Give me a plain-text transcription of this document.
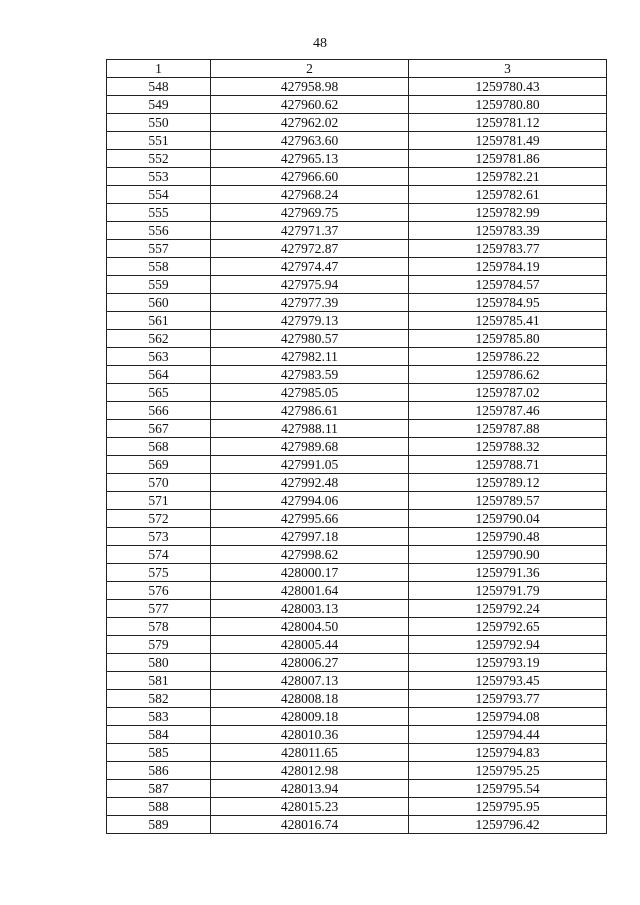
48
1	2	3
548	427958.98	1259780.43
549	427960.62	1259780.80
550	427962.02	1259781.12
551	427963.60	1259781.49
552	427965.13	1259781.86
553	427966.60	1259782.21
554	427968.24	1259782.61
555	427969.75	1259782.99
556	427971.37	1259783.39
557	427972.87	1259783.77
558	427974.47	1259784.19
559	427975.94	1259784.57
560	427977.39	1259784.95
561	427979.13	1259785.41
562	427980.57	1259785.80
563	427982.11	1259786.22
564	427983.59	1259786.62
565	427985.05	1259787.02
566	427986.61	1259787.46
567	427988.11	1259787.88
568	427989.68	1259788.32
569	427991.05	1259788.71
570	427992.48	1259789.12
571	427994.06	1259789.57
572	427995.66	1259790.04
573	427997.18	1259790.48
574	427998.62	1259790.90
575	428000.17	1259791.36
576	428001.64	1259791.79
577	428003.13	1259792.24
578	428004.50	1259792.65
579	428005.44	1259792.94
580	428006.27	1259793.19
581	428007.13	1259793.45
582	428008.18	1259793.77
583	428009.18	1259794.08
584	428010.36	1259794.44
585	428011.65	1259794.83
586	428012.98	1259795.25
587	428013.94	1259795.54
588	428015.23	1259795.95
589	428016.74	1259796.42
